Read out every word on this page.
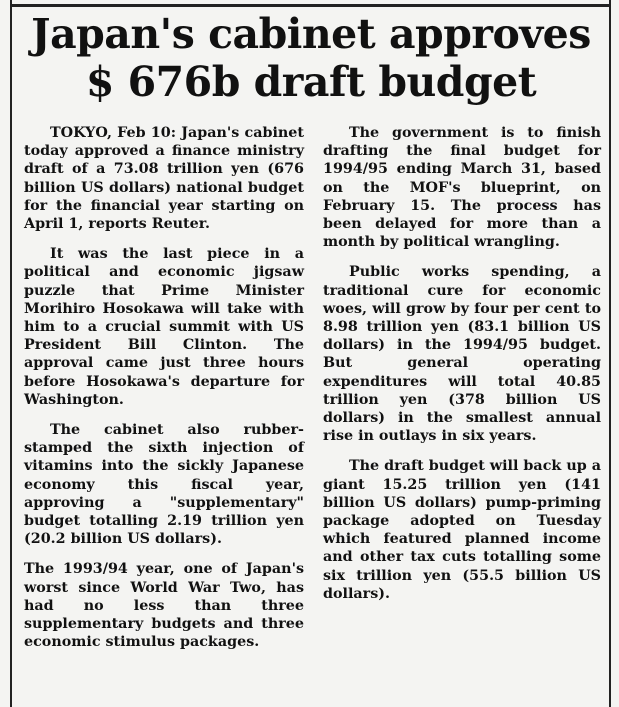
Japan's cabinet approves
$ 676b draft budget

TOKYO, Feb 10: Japan's cabinet today approved a finance ministry draft of a 73.08 trillion yen (676 billion US dollars) national budget for the financial year starting on April 1, reports Reuter.

It was the last piece in a political and economic jigsaw puzzle that Prime Minister Morihiro Hosokawa will take with him to a crucial summit with US President Bill Clinton. The approval came just three hours before Hosokawa's departure for Washington.

The cabinet also rubber-stamped the sixth injection of vitamins into the sickly Japanese economy this fiscal year, approving a "supplementary" budget totalling 2.19 trillion yen (20.2 billion US dollars).

The 1993/94 year, one of Japan's worst since World War Two, has had no less than three supplementary budgets and three economic stimulus packages.

The government is to finish drafting the final budget for 1994/95 ending March 31, based on the MOF's blueprint, on February 15. The process has been delayed for more than a month by political wrangling.

Public works spending, a traditional cure for economic woes, will grow by four per cent to 8.98 trillion yen (83.1 billion US dollars) in the 1994/95 budget. But general operating expenditures will total 40.85 trillion yen (378 billion US dollars) in the smallest annual rise in outlays in six years.

The draft budget will back up a giant 15.25 trillion yen (141 billion US dollars) pump-priming package adopted on Tuesday which featured planned income and other tax cuts totalling some six trillion yen (55.5 billion US dollars).
